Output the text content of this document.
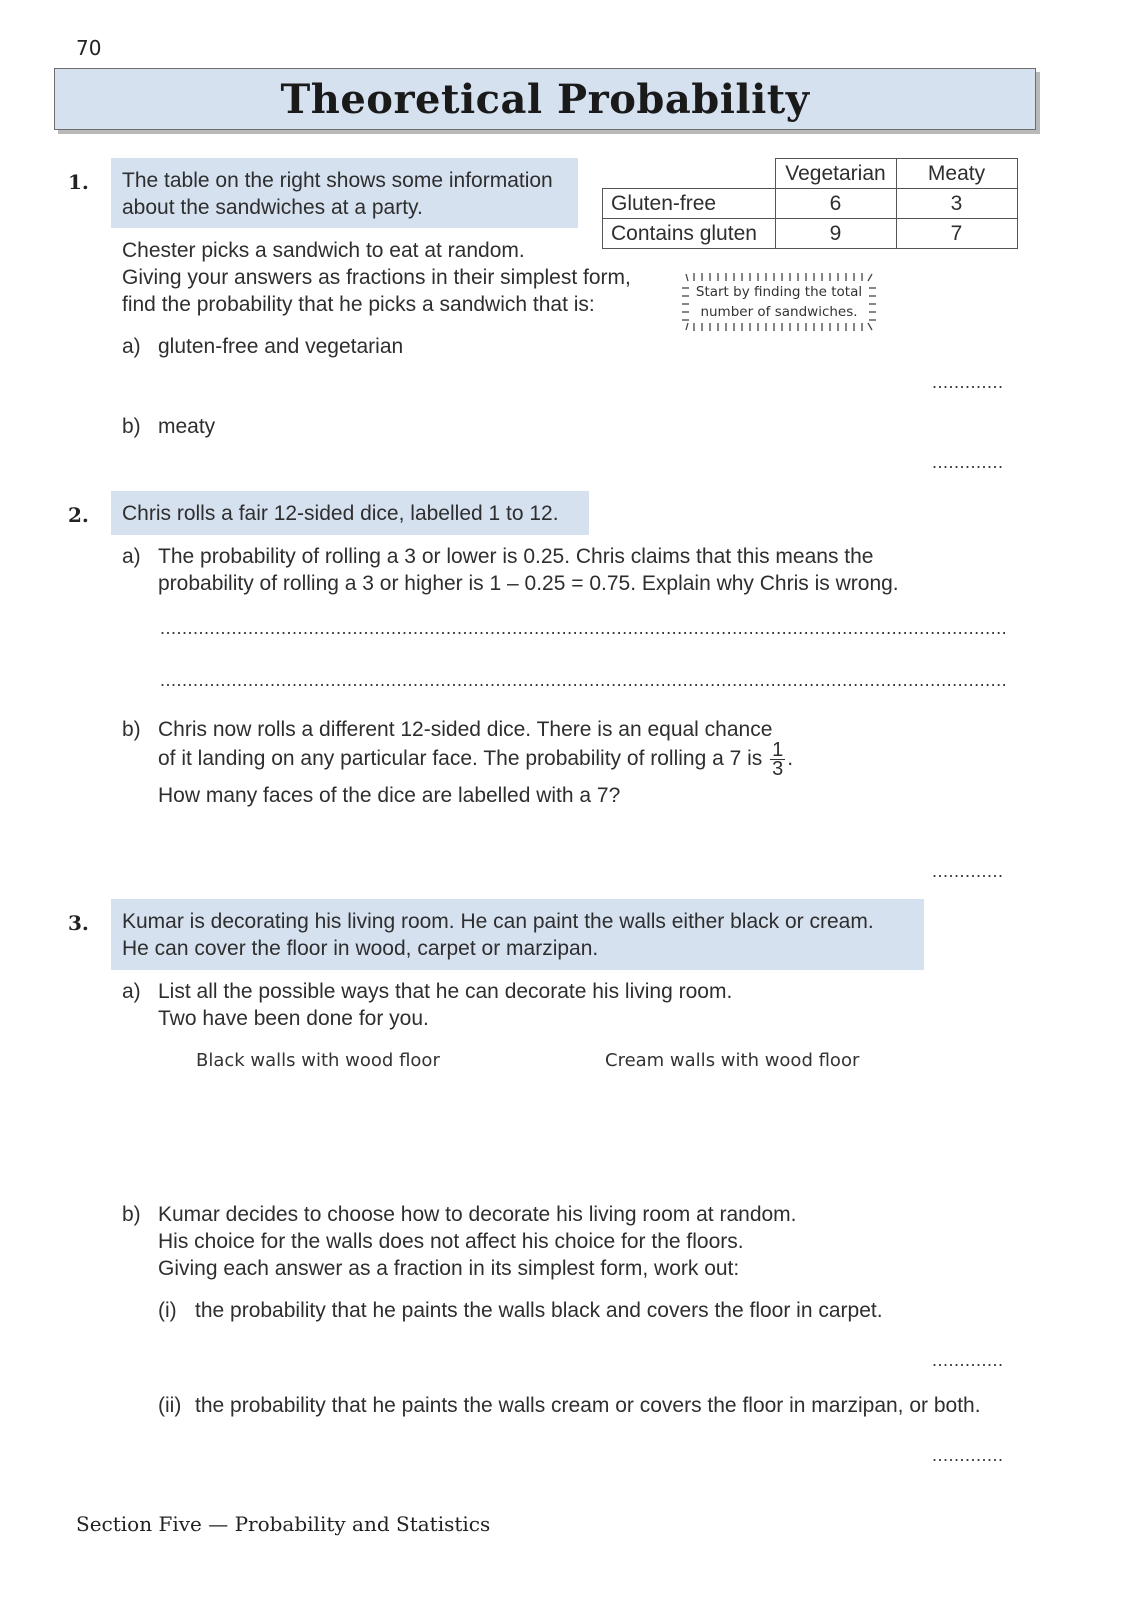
70
Theoretical Probability
1. The table on the right shows some information
about the sandwiches at a party.
Chester picks a sandwich to eat at random.
Giving your answers as fractions in their simplest form,
find the probability that he picks a sandwich that is:
	Vegetarian	Meaty
Gluten-free	6	3
Contains gluten	9	7
Start by finding the total
number of sandwiches.
a) gluten-free and vegetarian
.............
b) meaty
.............
2. Chris rolls a fair 12-sided dice, labelled 1 to 12.
a) The probability of rolling a 3 or lower is 0.25. Chris claims that this means the
probability of rolling a 3 or higher is 1 – 0.25 = 0.75. Explain why Chris is wrong.
..........................................................................................................................................................
..........................................................................................................................................................
b) Chris now rolls a different 12-sided dice. There is an equal chance
of it landing on any particular face. The probability of rolling a 7 is $\frac{1}{3}$ .
How many faces of the dice are labelled with a 7?
.............
3. Kumar is decorating his living room. He can paint the walls either black or cream.
He can cover the floor in wood, carpet or marzipan.
a) List all the possible ways that he can decorate his living room.
Two have been done for you.
Black walls with wood floor	Cream walls with wood floor
b) Kumar decides to choose how to decorate his living room at random.
His choice for the walls does not affect his choice for the floors.
Giving each answer as a fraction in its simplest form, work out:
(i) the probability that he paints the walls black and covers the floor in carpet.
.............
(ii) the probability that he paints the walls cream or covers the floor in marzipan, or both.
.............
Section Five — Probability and Statistics
